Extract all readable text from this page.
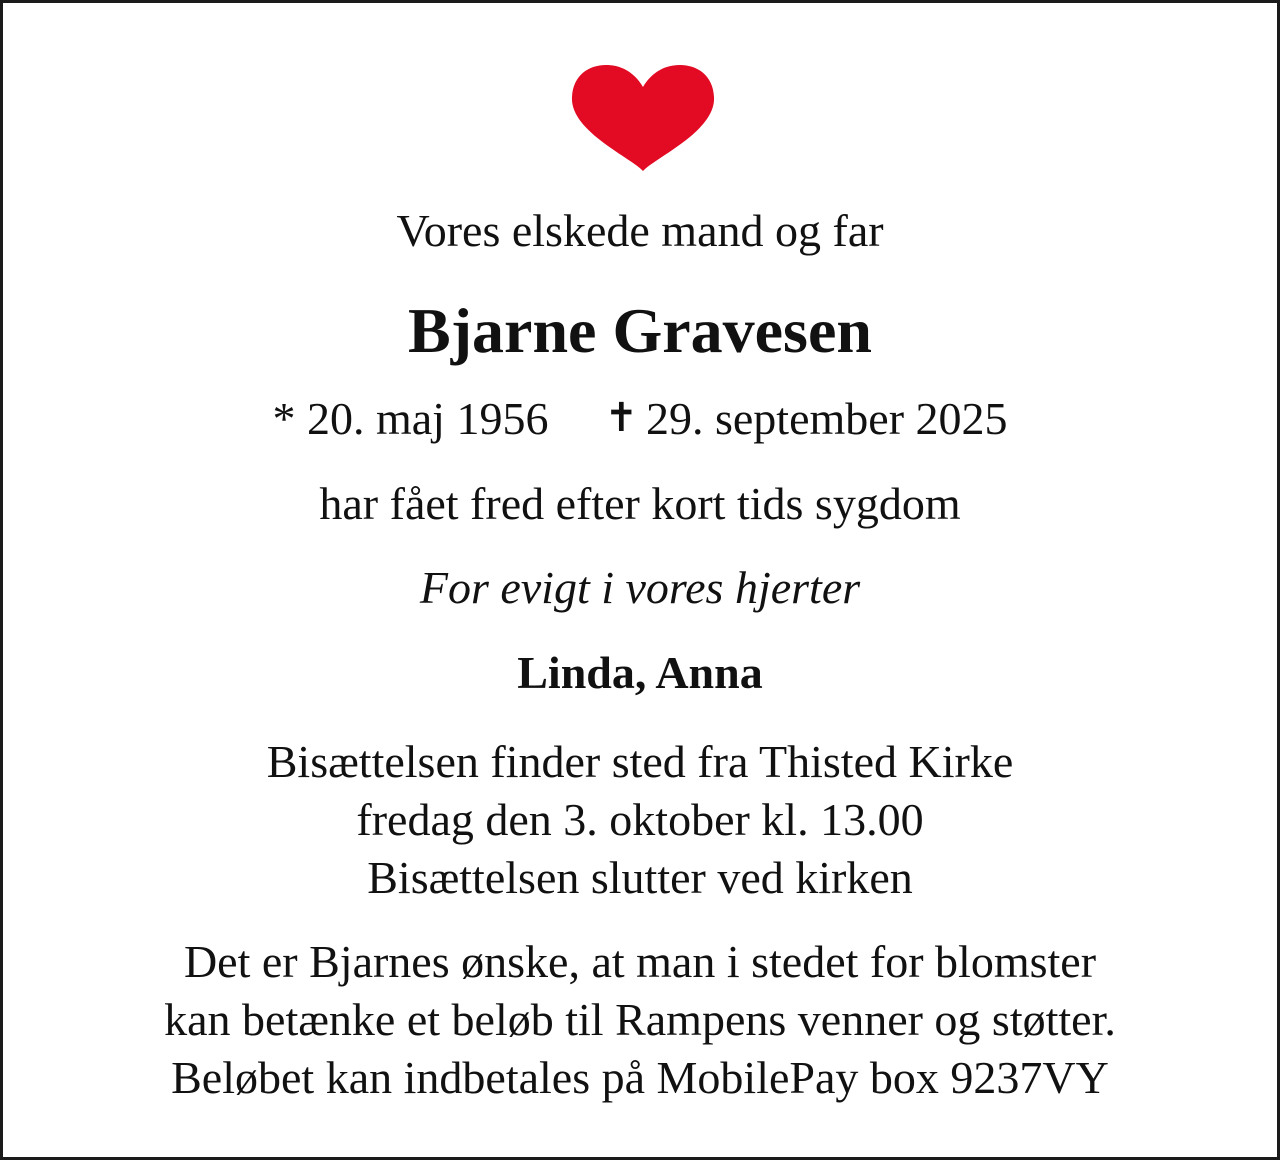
Vores elskede mand og far
Bjarne Gravesen
* 20. maj 1956 ✝ 29. september 2025
har fået fred efter kort tids sygdom
For evigt i vores hjerter
Linda, Anna
Bisættelsen finder sted fra Thisted Kirke
fredag den 3. oktober kl. 13.00
Bisættelsen slutter ved kirken
Det er Bjarnes ønske, at man i stedet for blomster
kan betænke et beløb til Rampens venner og støtter.
Beløbet kan indbetales på MobilePay box 9237VY
